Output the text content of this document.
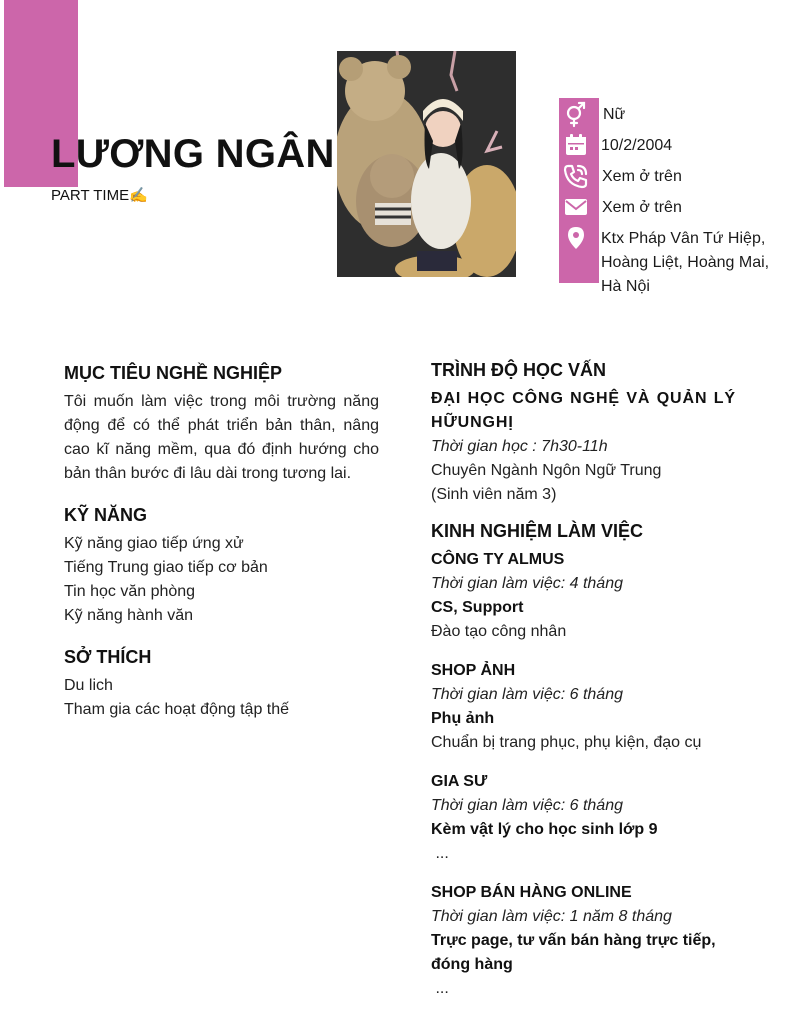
LƯƠNG NGÂN
PART TIME✍️
Nữ
10/2/2004
Xem ở trên
Xem ở trên
Ktx Pháp Vân Tứ Hiệp, Hoàng Liệt, Hoàng Mai, Hà Nội
MỤC TIÊU NGHỀ NGHIỆP
Tôi muốn làm việc trong môi trường năng động để có thể phát triển bản thân, nâng cao kĩ năng mềm, qua đó định hướng cho bản thân bước đi lâu dài trong tương lai.
KỸ NĂNG
Kỹ năng giao tiếp ứng xử
Tiếng Trung giao tiếp cơ bản
Tin học văn phòng
Kỹ năng hành văn
SỞ THÍCH
Du lich
Tham gia các hoạt động tập thế
TRÌNH ĐỘ HỌC VẤN
ĐẠI HỌC CÔNG NGHỆ VÀ QUẢN LÝ HỮUNGHỊ
Thời gian học : 7h30-11h
Chuyên Ngành Ngôn Ngữ Trung
(Sinh viên năm 3)
KINH NGHIỆM LÀM VIỆC
CÔNG TY ALMUS
Thời gian làm việc: 4 tháng
CS, Support
Đào tạo công nhân
SHOP ẢNH
Thời gian làm việc: 6 tháng
Phụ ảnh
Chuẩn bị trang phục, phụ kiện, đạo cụ
GIA SƯ
Thời gian làm việc: 6 tháng
Kèm vật lý cho học sinh lớp 9
...
SHOP BÁN HÀNG ONLINE
Thời gian làm việc: 1 năm 8 tháng
Trực page, tư vấn bán hàng trực tiếp, đóng hàng
...
